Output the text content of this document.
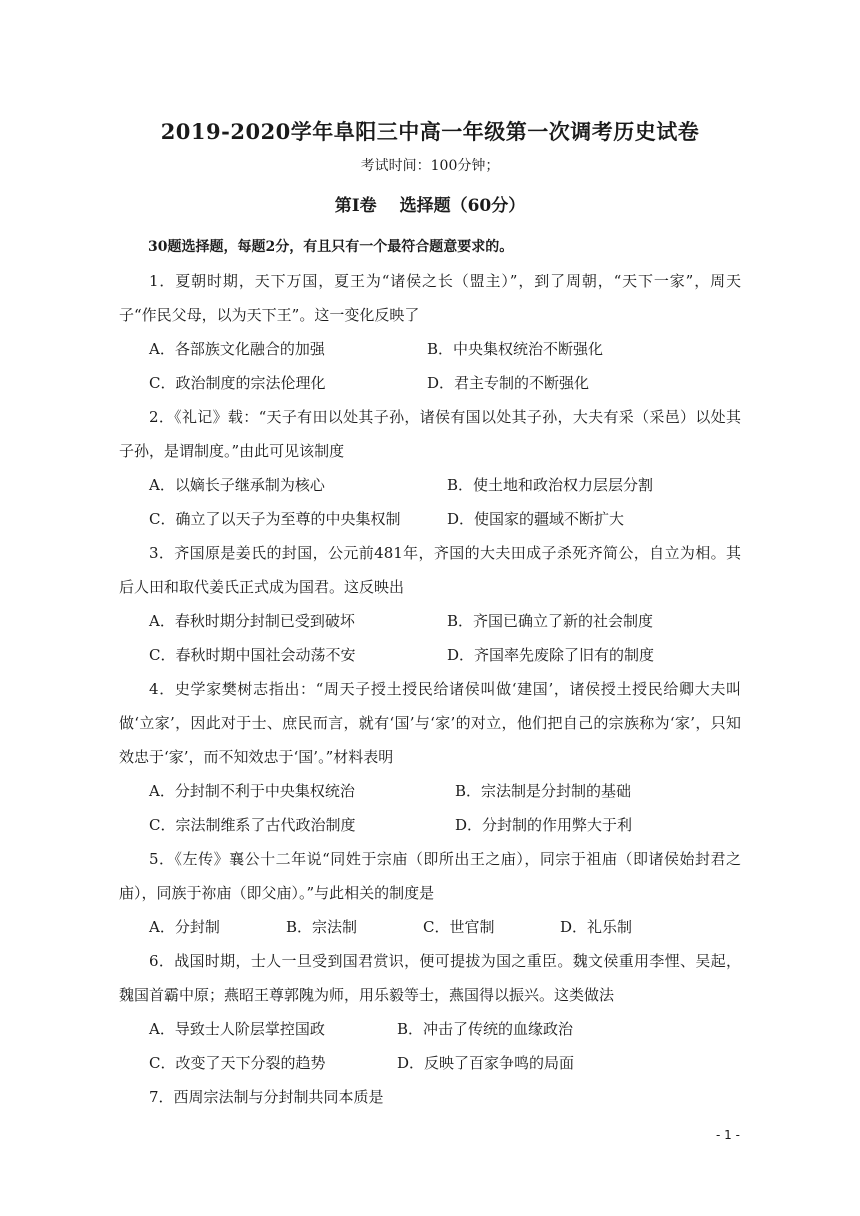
2019-2020学年阜阳三中高一年级第一次调考历史试卷
考试时间：100分钟；
第Ⅰ卷　 选择题（60分）
30题选择题，每题2分，有且只有一个最符合题意要求的。

1．夏朝时期，天下万国，夏王为“诸侯之长（盟主）”，到了周朝，“天下一家”，周天子“作民父母，以为天下王”。这一变化反映了

A．各部族文化融合的加强	B．中央集权统治不断强化
C．政治制度的宗法伦理化	D．君主专制的不断强化

2．《礼记》载：“天子有田以处其子孙，诸侯有国以处其子孙，大夫有采（采邑）以处其子孙，是谓制度。”由此可见该制度

A．以嫡长子继承制为核心	B．使土地和政治权力层层分割
C．确立了以天子为至尊的中央集权制	D．使国家的疆域不断扩大

3．齐国原是姜氏的封国，公元前481年，齐国的大夫田成子杀死齐简公，自立为相。其后人田和取代姜氏正式成为国君。这反映出

A．春秋时期分封制已受到破坏	B．齐国已确立了新的社会制度
C．春秋时期中国社会动荡不安	D．齐国率先废除了旧有的制度

4．史学家樊树志指出：“周天子授土授民给诸侯叫做‘建国’，诸侯授土授民给卿大夫叫做‘立家’，因此对于士、庶民而言，就有‘国’与‘家’的对立，他们把自己的宗族称为‘家’，只知效忠于‘家’，而不知效忠于‘国’。”材料表明

A．分封制不利于中央集权统治	B．宗法制是分封制的基础
C．宗法制维系了古代政治制度	D．分封制的作用弊大于利

5．《左传》襄公十二年说“同姓于宗庙（即所出王之庙），同宗于祖庙（即诸侯始封君之庙），同族于祢庙（即父庙）。”与此相关的制度是

A．分封制	B．宗法制	C．世官制	D．礼乐制

6．战国时期，士人一旦受到国君赏识，便可提拔为国之重臣。魏文侯重用李悝、吴起，魏国首霸中原；燕昭王尊郭隗为师，用乐毅等士，燕国得以振兴。这类做法

A．导致士人阶层掌控国政	B．冲击了传统的血缘政治
C．改变了天下分裂的趋势	D．反映了百家争鸣的局面

7．西周宗法制与分封制共同本质是

- 1 -
